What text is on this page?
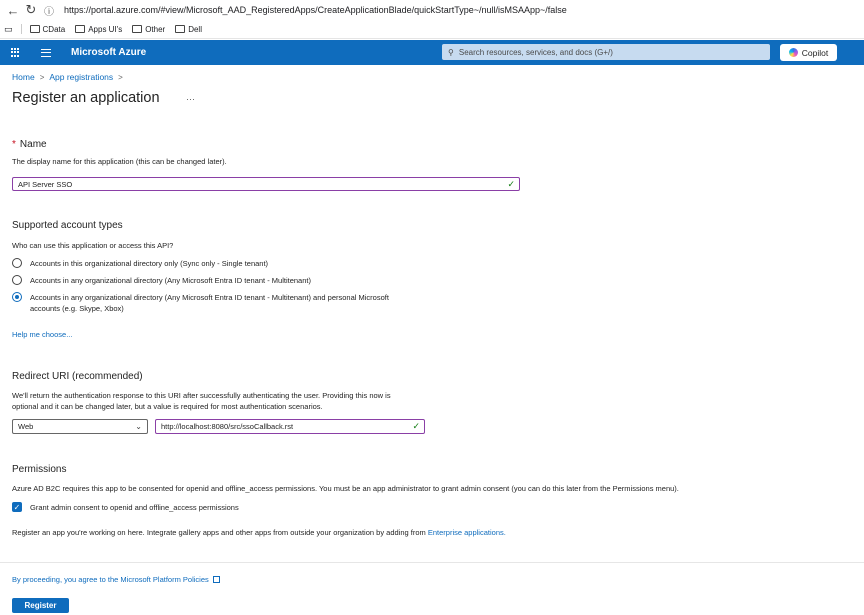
← ↻ ⓘ	https://portal.azure.com/#view/Microsoft_AAD_RegisteredApps/CreateApplicationBlade/quickStartType~/null/isMSAApp~/false
▭	CData	Apps UI's	Other	Dell
Microsoft Azure	⚲ Search resources, services, and docs (G+/)	Copilot
Home > App registrations >
Register an application	···
* Name
The display name for this application (this can be changed later).
API Server SSO	✓
Supported account types
Who can use this application or access this API?
Accounts in this organizational directory only (Sync only - Single tenant)
Accounts in any organizational directory (Any Microsoft Entra ID tenant - Multitenant)
Accounts in any organizational directory (Any Microsoft Entra ID tenant - Multitenant) and personal Microsoft
accounts (e.g. Skype, Xbox)
Help me choose...
Redirect URI (recommended)
We'll return the authentication response to this URI after successfully authenticating the user. Providing this now is
optional and it can be changed later, but a value is required for most authentication scenarios.
Web	⌄	http://localhost:8080/src/ssoCallback.rst	✓
Permissions
Azure AD B2C requires this app to be consented for openid and offline_access permissions. You must be an app administrator to grant admin consent (you can do this later from the Permissions menu).
✓ Grant admin consent to openid and offline_access permissions
Register an app you're working on here. Integrate gallery apps and other apps from outside your organization by adding from Enterprise applications.
By proceeding, you agree to the Microsoft Platform Policies
Register
